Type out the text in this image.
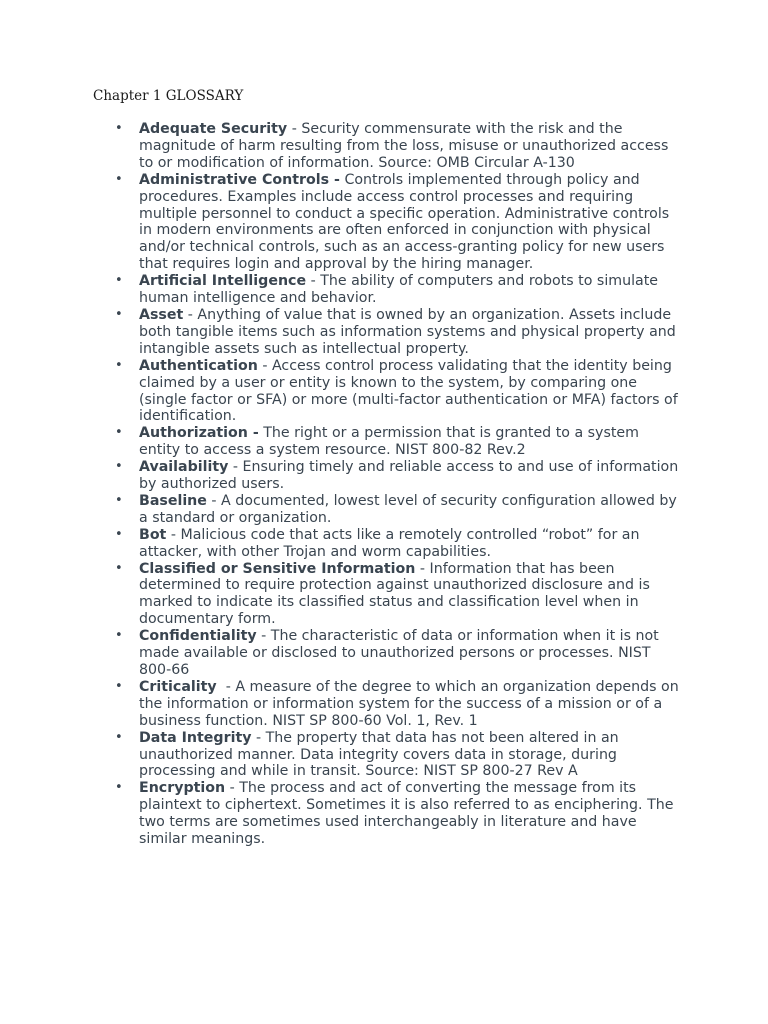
Chapter 1 GLOSSARY
• Adequate Security - Security commensurate with the risk and the magnitude of harm resulting from the loss, misuse or unauthorized access to or modification of information. Source: OMB Circular A-130
• Administrative Controls - Controls implemented through policy and procedures. Examples include access control processes and requiring multiple personnel to conduct a specific operation. Administrative controls in modern environments are often enforced in conjunction with physical and/or technical controls, such as an access-granting policy for new users that requires login and approval by the hiring manager.
• Artificial Intelligence - The ability of computers and robots to simulate human intelligence and behavior.
• Asset - Anything of value that is owned by an organization. Assets include both tangible items such as information systems and physical property and intangible assets such as intellectual property.
• Authentication - Access control process validating that the identity being claimed by a user or entity is known to the system, by comparing one (single factor or SFA) or more (multi-factor authentication or MFA) factors of identification.
• Authorization - The right or a permission that is granted to a system entity to access a system resource. NIST 800-82 Rev.2
• Availability - Ensuring timely and reliable access to and use of information by authorized users.
• Baseline - A documented, lowest level of security configuration allowed by a standard or organization.
• Bot - Malicious code that acts like a remotely controlled “robot” for an attacker, with other Trojan and worm capabilities.
• Classified or Sensitive Information - Information that has been determined to require protection against unauthorized disclosure and is marked to indicate its classified status and classification level when in documentary form.
• Confidentiality - The characteristic of data or information when it is not made available or disclosed to unauthorized persons or processes. NIST 800-66
• Criticality  - A measure of the degree to which an organization depends on the information or information system for the success of a mission or of a business function. NIST SP 800-60 Vol. 1, Rev. 1
• Data Integrity - The property that data has not been altered in an unauthorized manner. Data integrity covers data in storage, during processing and while in transit. Source: NIST SP 800-27 Rev A
• Encryption - The process and act of converting the message from its plaintext to ciphertext. Sometimes it is also referred to as enciphering. The two terms are sometimes used interchangeably in literature and have similar meanings.
